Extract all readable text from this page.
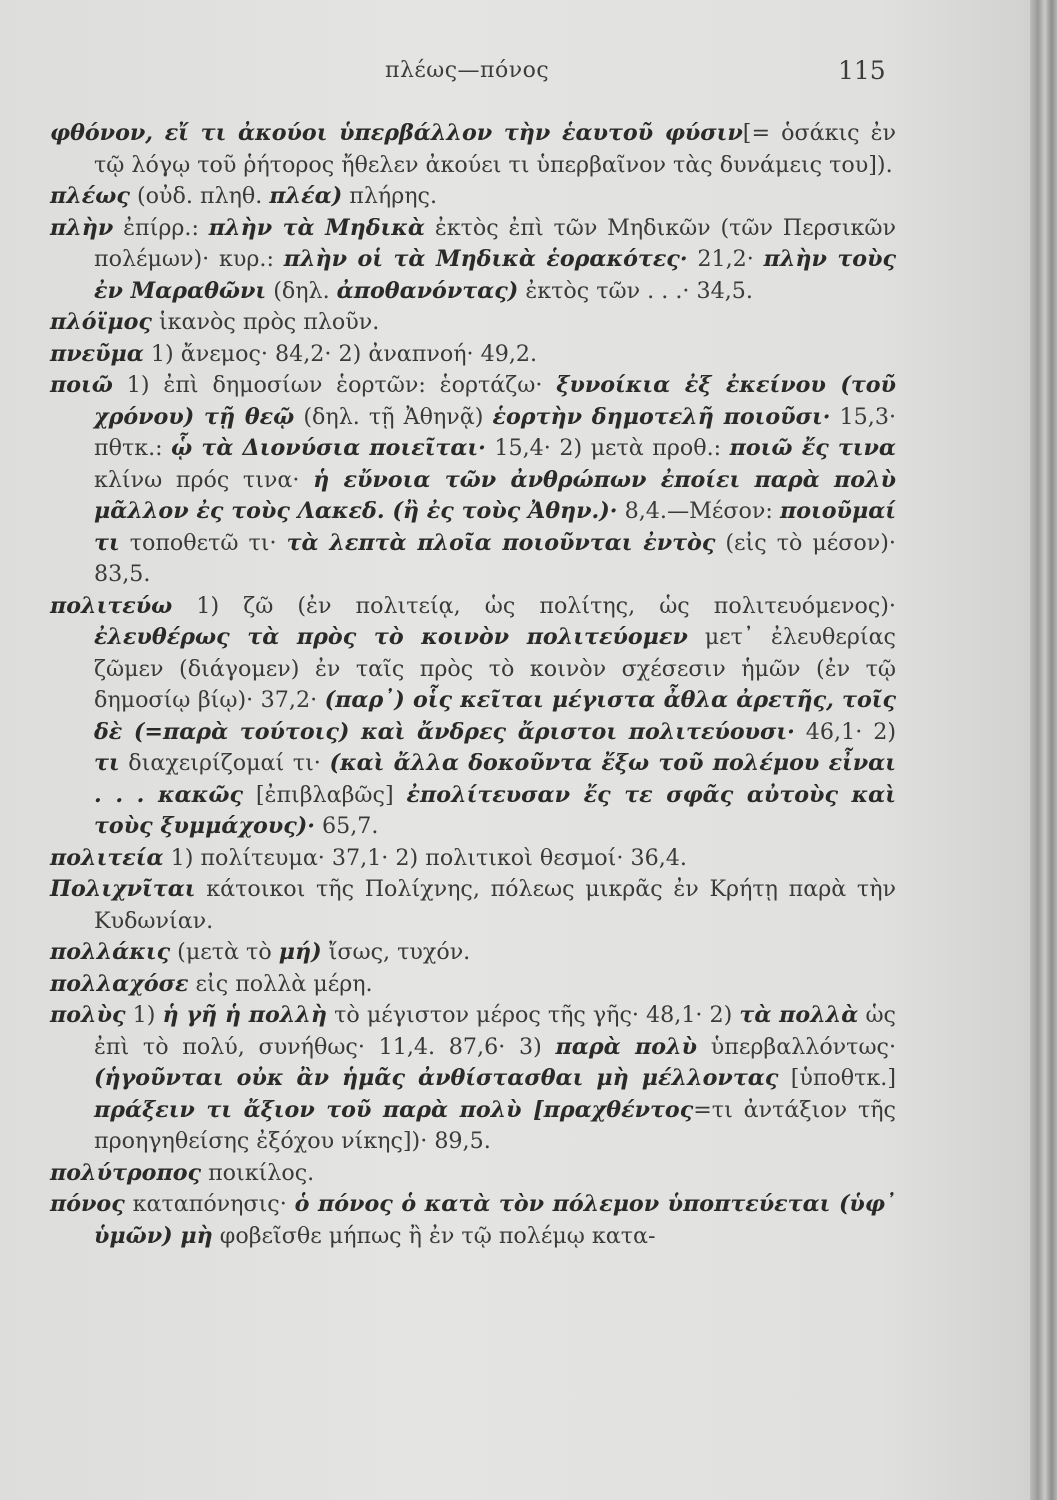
πλέως—πόνος	115

φθόνον, εἴ τι ἀκούοι ὑπερβάλλον τὴν ἑαυτοῦ φύσιν[= ὁσάκις ἐν τῷ λόγῳ τοῦ ῥήτορος ἤθελεν ἀκούει τι ὑπερβαῖνον τὰς δυνάμεις του]).

πλέως (οὐδ. πληθ. πλέα) πλήρης.

πλὴν ἐπίρρ.: πλὴν τὰ Μηδικὰ ἐκτὸς ἐπὶ τῶν Μηδικῶν (τῶν Περσικῶν πολέμων)· κυρ.: πλὴν οἱ τὰ Μηδικὰ ἑορακότες· 21,2· πλὴν τοὺς ἐν Μαραθῶνι (δηλ. ἀποθανόντας) ἐκτὸς τῶν . . .· 34,5.

πλόϊμος ἱκανὸς πρὸς πλοῦν.

πνεῦμα 1) ἄνεμος· 84,2· 2) ἀναπνοή· 49,2.

ποιῶ 1) ἐπὶ δημοσίων ἑορτῶν: ἑορτάζω· ξυνοίκια ἐξ ἐκείνου (τοῦ χρόνου) τῇ θεῷ (δηλ. τῇ Ἀθηνᾷ) ἑορτὴν δημοτελῆ ποιοῦσι· 15,3· πθτκ.: ᾧ τὰ Διονύσια ποιεῖται· 15,4· 2) μετὰ προθ.: ποιῶ ἔς τινα κλίνω πρός τινα· ἡ εὔνοια τῶν ἀνθρώπων ἐποίει παρὰ πολὺ μᾶλλον ἐς τοὺς Λακεδ. (ἢ ἐς τοὺς Ἀθην.)· 8,4.—Μέσον: ποιοῦμαί τι τοποθετῶ τι· τὰ λεπτὰ πλοῖα ποιοῦνται ἐντὸς (εἰς τὸ μέσον)· 83,5.

πολιτεύω 1) ζῶ (ἐν πολιτείᾳ, ὡς πολίτης, ὡς πολιτευόμενος)· ἐλευθέρως τὰ πρὸς τὸ κοινὸν πολιτεύομεν μετ᾽ ἐλευθερίας ζῶμεν (διάγομεν) ἐν ταῖς πρὸς τὸ κοινὸν σχέσεσιν ἡμῶν (ἐν τῷ δημοσίῳ βίῳ)· 37,2· (παρ᾽) οἷς κεῖται μέγιστα ἆθλα ἀρετῆς, τοῖς δὲ (=παρὰ τούτοις) καὶ ἄνδρες ἄριστοι πολιτεύουσι· 46,1· 2) τι διαχειρίζομαί τι· (καὶ ἄλλα δοκοῦντα ἔξω τοῦ πολέμου εἶναι . . . κακῶς [ἐπιβλαβῶς] ἐπολίτευσαν ἔς τε σφᾶς αὐτοὺς καὶ τοὺς ξυμμάχους)· 65,7.

πολιτεία 1) πολίτευμα· 37,1· 2) πολιτικοὶ θεσμοί· 36,4.

Πολιχνῖται κάτοικοι τῆς Πολίχνης, πόλεως μικρᾶς ἐν Κρήτῃ παρὰ τὴν Κυδωνίαν.

πολλάκις (μετὰ τὸ μή) ἴσως, τυχόν.

πολλαχόσε εἰς πολλὰ μέρη.

πολὺς 1) ἡ γῆ ἡ πολλὴ τὸ μέγιστον μέρος τῆς γῆς· 48,1· 2) τὰ πολλὰ ὡς ἐπὶ τὸ πολύ, συνήθως· 11,4. 87,6· 3) παρὰ πολὺ ὑπερβαλλόντως· (ἡγοῦνται οὐκ ἂν ἡμᾶς ἀνθίστασθαι μὴ μέλλοντας [ὑποθτκ.] πράξειν τι ἄξιον τοῦ παρὰ πολὺ [πραχθέντος=τι ἀντάξιον τῆς προηγηθείσης ἐξόχου νίκης])· 89,5.

πολύτροπος ποικίλος.

πόνος καταπόνησις· ὁ πόνος ὁ κατὰ τὸν πόλεμον ὑποπτεύεται (ὑφ᾽ ὑμῶν) μὴ φοβεῖσθε μήπως ἢ ἐν τῷ πολέμῳ κατα-
